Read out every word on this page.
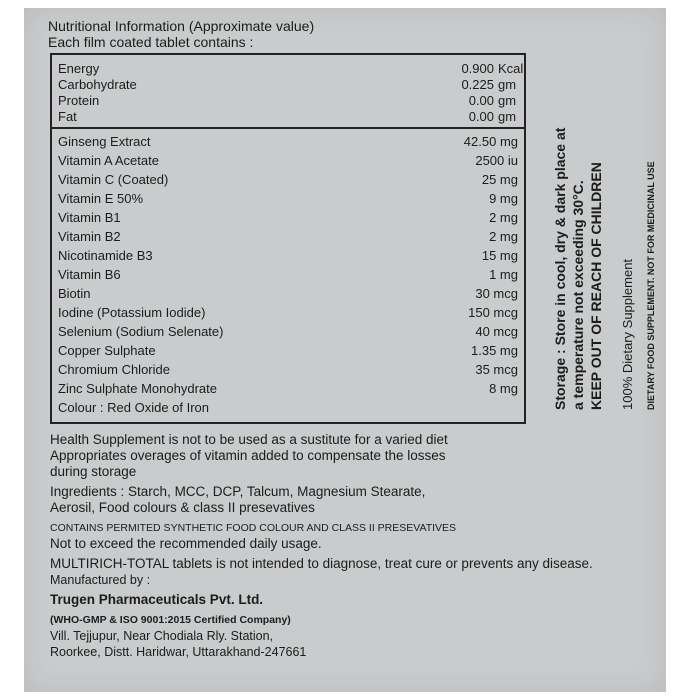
Nutritional Information (Approximate value)
Each film coated tablet contains :
Energy	0.900 Kcal
Carbohydrate	0.225 gm
Protein	0.00 gm
Fat	0.00 gm
Ginseng Extract	42.50 mg
Vitamin A Acetate	2500 iu
Vitamin C (Coated)	25 mg
Vitamin E 50%	9 mg
Vitamin B1	2 mg
Vitamin B2	2 mg
Nicotinamide B3	15 mg
Vitamin B6	1 mg
Biotin	30 mcg
Iodine (Potassium Iodide)	150 mcg
Selenium (Sodium Selenate)	40 mcg
Copper Sulphate	1.35 mg
Chromium Chloride	35 mcg
Zinc Sulphate Monohydrate	8 mg
Colour : Red Oxide of Iron
Health Supplement is not to be used as a sustitute for a varied diet
Appropriates overages of vitamin added to compensate the losses
during storage
Ingredients : Starch, MCC, DCP, Talcum, Magnesium Stearate,
Aerosil, Food colours & class II presevatives
CONTAINS PERMITED SYNTHETIC FOOD COLOUR AND CLASS II PRESEVATIVES
Not to exceed the recommended daily usage.
MULTIRICH-TOTAL tablets is not intended to diagnose, treat cure or prevents any disease.
Manufactured by :
Trugen Pharmaceuticals Pvt. Ltd.
(WHO-GMP & ISO 9001:2015 Certified Company)
Vill. Tejjupur, Near Chodiala Rly. Station,
Roorkee, Distt. Haridwar, Uttarakhand-247661
Storage : Store in cool, dry & dark place at a temperature not exceeding 30°C. KEEP OUT OF REACH OF CHILDREN 100% Dietary Supplement DIETARY FOOD SUPPLEMENT. NOT FOR MEDICINAL USE
